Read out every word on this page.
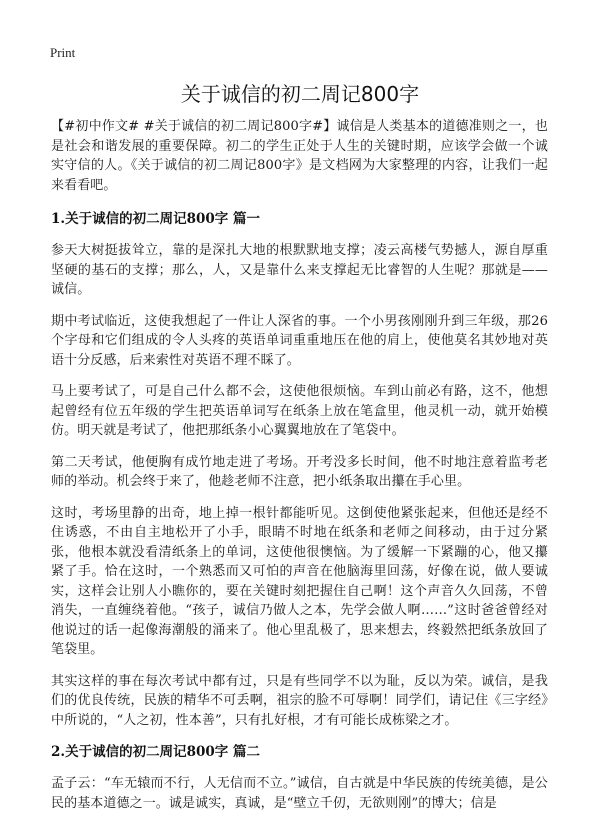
Print
关于诚信的初二周记800字

【#初中作文# #关于诚信的初二周记800字#】诚信是人类基本的道德准则之一，也是社会和谐发展的重要保障。初二的学生正处于人生的关键时期，应该学会做一个诚实守信的人。《关于诚信的初二周记800字》是文档网为大家整理的内容，让我们一起来看看吧。

1.关于诚信的初二周记800字 篇一

参天大树挺拔耸立，靠的是深扎大地的根默默地支撑；凌云高楼气势撼人，源自厚重坚硬的基石的支撑；那么，人，又是靠什么来支撑起无比睿智的人生呢？那就是——诚信。

期中考试临近，这使我想起了一件让人深省的事。一个小男孩刚刚升到三年级，那26个字母和它们组成的令人头疼的英语单词重重地压在他的肩上，使他莫名其妙地对英语十分反感，后来索性对英语不理不睬了。

马上要考试了，可是自己什么都不会，这使他很烦恼。车到山前必有路，这不，他想起曾经有位五年级的学生把英语单词写在纸条上放在笔盒里，他灵机一动，就开始模仿。明天就是考试了，他把那纸条小心翼翼地放在了笔袋中。

第二天考试，他便胸有成竹地走进了考场。开考没多长时间，他不时地注意着监考老师的举动。机会终于来了，他趁老师不注意，把小纸条取出攥在手心里。

这时，考场里静的出奇，地上掉一根针都能听见。这倒使他紧张起来，但他还是经不住诱惑，不由自主地松开了小手，眼睛不时地在纸条和老师之间移动，由于过分紧张，他根本就没看清纸条上的单词，这使他很懊恼。为了缓解一下紧蹦的心，他又攥紧了手。恰在这时，一个熟悉而又可怕的声音在他脑海里回荡，好像在说，做人要诚实，这样会让别人小瞧你的，要在关键时刻把握住自己啊！这个声音久久回荡，不曾消失，一直缠绕着他。“孩子，诚信乃做人之本，先学会做人啊……”这时爸爸曾经对他说过的话一起像海潮般的涌来了。他心里乱极了，思来想去，终毅然把纸条放回了笔袋里。

其实这样的事在每次考试中都有过，只是有些同学不以为耻，反以为荣。诚信，是我们的优良传统，民族的精华不可丢啊，祖宗的脸不可辱啊！同学们，请记住《三字经》中所说的，“人之初，性本善”，只有扎好根，才有可能长成栋梁之才。

2.关于诚信的初二周记800字 篇二

孟子云：“车无辕而不行，人无信而不立。”诚信，自古就是中华民族的传统美德，是公民的基本道德之一。诚是诚实，真诚，是“壁立千仞，无欲则刚”的博大；信是
